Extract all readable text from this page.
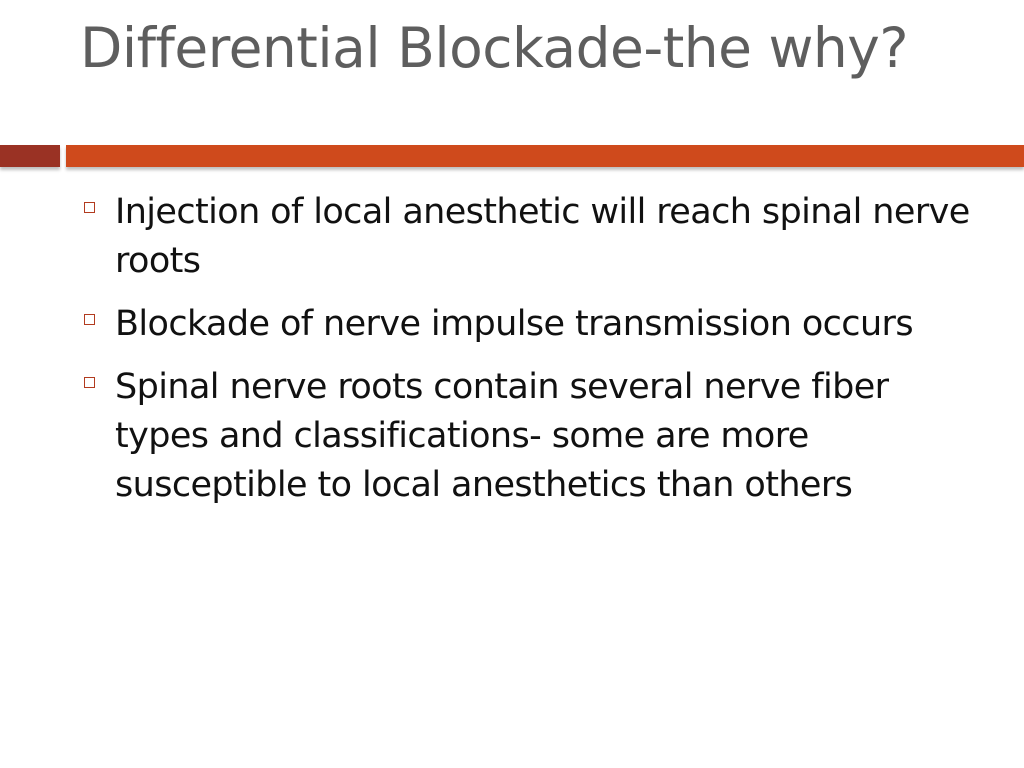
Differential Blockade-the why?
Injection of local anesthetic will reach spinal nerve roots
Blockade of nerve impulse transmission occurs
Spinal nerve roots contain several nerve fiber types and classifications- some are more susceptible to local anesthetics than others
